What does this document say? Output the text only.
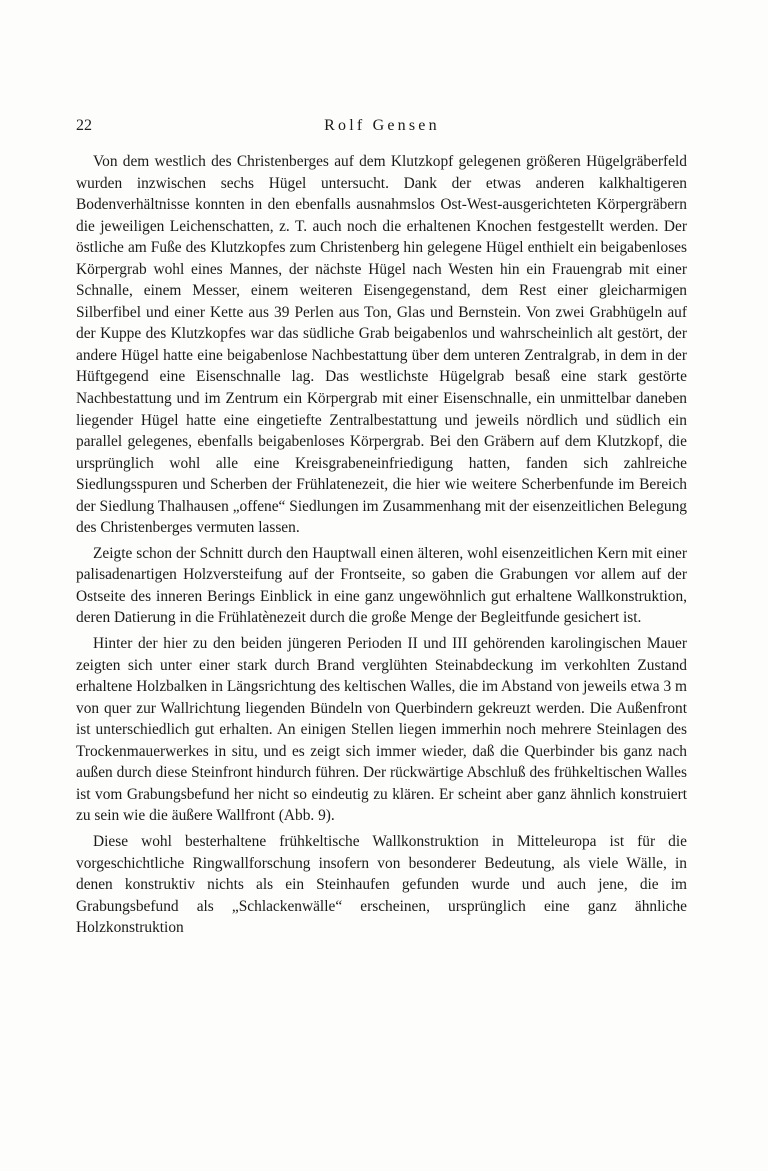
22	Rolf Gensen

Von dem westlich des Christenberges auf dem Klutzkopf gelegenen größeren Hügelgräberfeld wurden inzwischen sechs Hügel untersucht. Dank der etwas anderen kalkhaltigeren Bodenverhältnisse konnten in den ebenfalls ausnahmslos Ost-West-ausgerichteten Körpergräbern die jeweiligen Leichenschatten, z. T. auch noch die erhaltenen Knochen festgestellt werden. Der östliche am Fuße des Klutzkopfes zum Christenberg hin gelegene Hügel enthielt ein beigabenloses Körpergrab wohl eines Mannes, der nächste Hügel nach Westen hin ein Frauengrab mit einer Schnalle, einem Messer, einem weiteren Eisengegenstand, dem Rest einer gleicharmigen Silberfibel und einer Kette aus 39 Perlen aus Ton, Glas und Bernstein. Von zwei Grabhügeln auf der Kuppe des Klutzkopfes war das südliche Grab beigabenlos und wahrscheinlich alt gestört, der andere Hügel hatte eine beigabenlose Nachbestattung über dem unteren Zentralgrab, in dem in der Hüftgegend eine Eisenschnalle lag. Das westlichste Hügelgrab besaß eine stark gestörte Nachbestattung und im Zentrum ein Körpergrab mit einer Eisenschnalle, ein unmittelbar daneben liegender Hügel hatte eine eingetiefte Zentralbestattung und jeweils nördlich und südlich ein parallel gelegenes, ebenfalls beigabenloses Körpergrab. Bei den Gräbern auf dem Klutzkopf, die ursprünglich wohl alle eine Kreisgrabeneinfriedigung hatten, fanden sich zahlreiche Siedlungsspuren und Scherben der Frühlatenezeit, die hier wie weitere Scherbenfunde im Bereich der Siedlung Thalhausen „offene“ Siedlungen im Zusammenhang mit der eisenzeitlichen Belegung des Christenberges vermuten lassen.

Zeigte schon der Schnitt durch den Hauptwall einen älteren, wohl eisenzeitlichen Kern mit einer palisadenartigen Holzversteifung auf der Frontseite, so gaben die Grabungen vor allem auf der Ostseite des inneren Berings Einblick in eine ganz ungewöhnlich gut erhaltene Wallkonstruktion, deren Datierung in die Frühlatènezeit durch die große Menge der Begleitfunde gesichert ist.

Hinter der hier zu den beiden jüngeren Perioden II und III gehörenden karolingischen Mauer zeigten sich unter einer stark durch Brand verglühten Steinabdeckung im verkohlten Zustand erhaltene Holzbalken in Längsrichtung des keltischen Walles, die im Abstand von jeweils etwa 3 m von quer zur Wallrichtung liegenden Bündeln von Querbindern gekreuzt werden. Die Außenfront ist unterschiedlich gut erhalten. An einigen Stellen liegen immerhin noch mehrere Steinlagen des Trockenmauerwerkes in situ, und es zeigt sich immer wieder, daß die Querbinder bis ganz nach außen durch diese Steinfront hindurch führen. Der rückwärtige Abschluß des frühkeltischen Walles ist vom Grabungsbefund her nicht so eindeutig zu klären. Er scheint aber ganz ähnlich konstruiert zu sein wie die äußere Wallfront (Abb. 9).

Diese wohl besterhaltene frühkeltische Wallkonstruktion in Mitteleuropa ist für die vorgeschichtliche Ringwallforschung insofern von besonderer Bedeutung, als viele Wälle, in denen konstruktiv nichts als ein Steinhaufen gefunden wurde und auch jene, die im Grabungsbefund als „Schlackenwälle“ erscheinen, ursprünglich eine ganz ähnliche Holzkonstruktion
